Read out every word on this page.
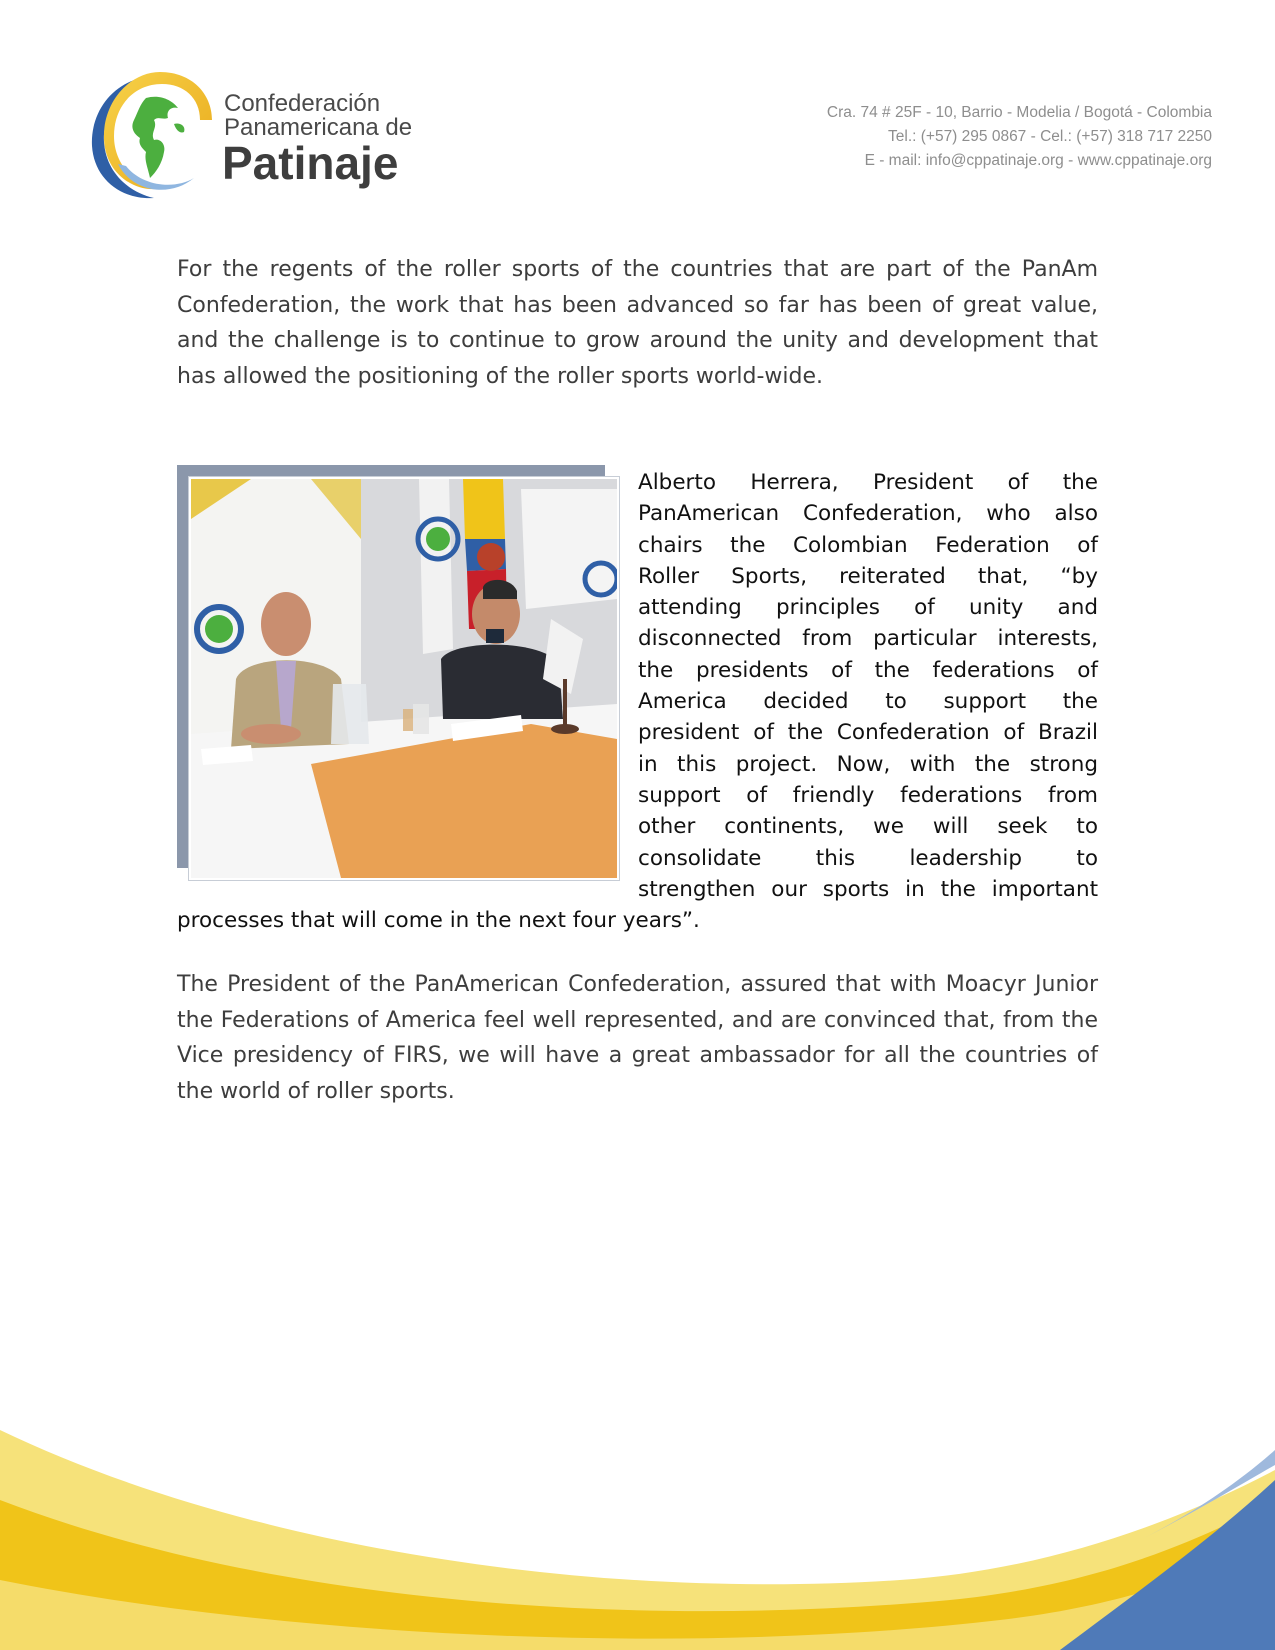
Confederación
Panamericana de
Patinaje
Cra. 74 # 25F - 10, Barrio - Modelia / Bogotá - Colombia
Tel.: (+57) 295 0867 - Cel.: (+57) 318 717 2250
E - mail: info@cppatinaje.org - www.cppatinaje.org

For the regents of the roller sports of the countries that are part of the PanAm Confederation, the work that has been advanced so far has been of great value, and the challenge is to continue to grow around the unity and development that has allowed the positioning of the roller sports world-wide.

Alberto Herrera, President of the
PanAmerican Confederation, who also
chairs the Colombian Federation of
Roller Sports, reiterated that, “by
attending principles of unity and
disconnected from particular interests,
the presidents of the federations of
America decided to support the
president of the Confederation of Brazil
in this project. Now, with the strong
support of friendly federations from
other continents, we will seek to
consolidate this leadership to
strengthen our sports in the important

processes that will come in the next four years”.

The President of the PanAmerican Confederation, assured that with Moacyr Junior the Federations of America feel well represented, and are convinced that, from the Vice presidency of FIRS, we will have a great ambassador for all the countries of the world of roller sports.
